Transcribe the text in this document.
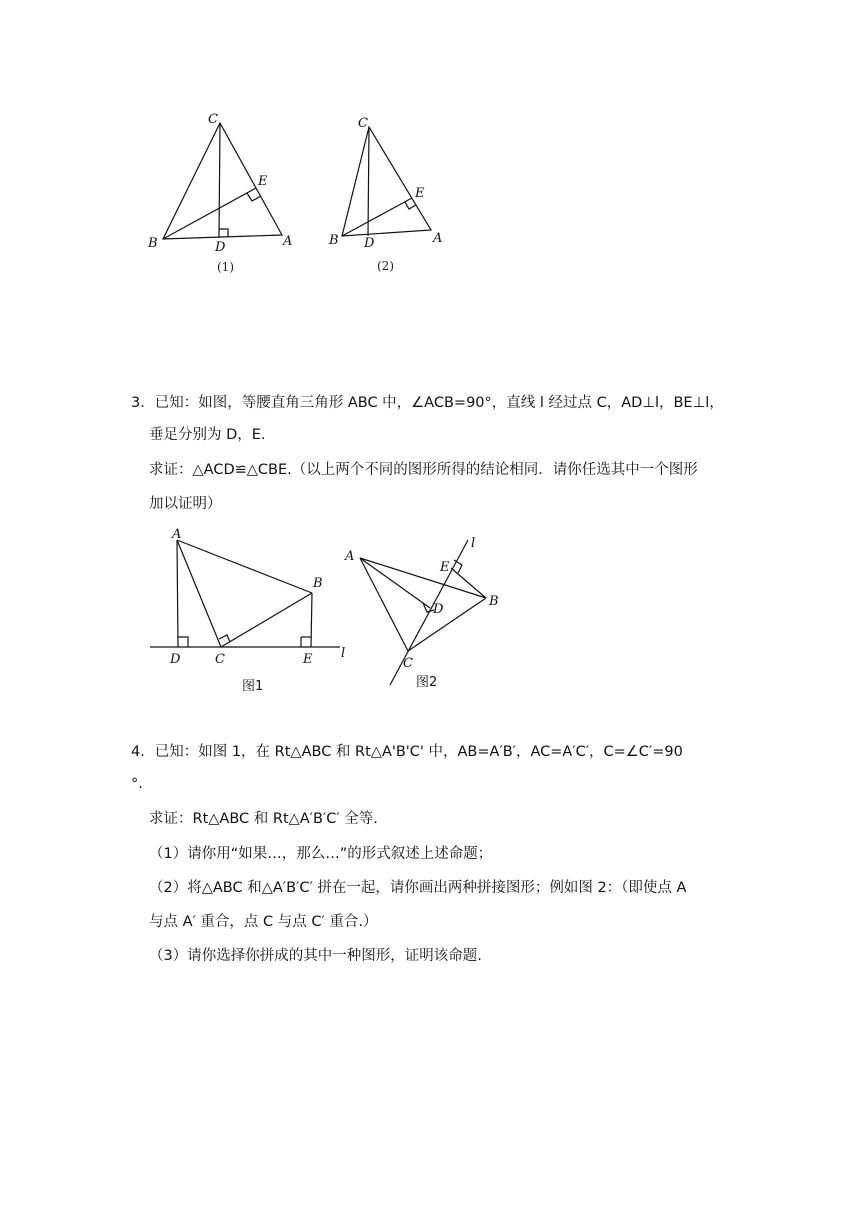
C
E
B	D	A
(1)
C
E
B D	A
(2)
3．已知：如图，等腰直角三角形 ABC 中，∠ACB=90°，直线 l 经过点 C，AD⊥l，BE⊥l，
垂足分别为 D，E.
求证：△ACD≌△CBE.（以上两个不同的图形所得的结论相同．请你任选其中一个图形
加以证明）
A
B
D	C	E l
图1
A
E
D
B
C
l
图2
4．已知：如图 1，在 Rt△ABC 和 Rt△A'B'C' 中，AB=A′B′，AC=A′C′，C=∠C′=90
°.
求证：Rt△ABC 和 Rt△A′B′C′ 全等.
（1）请你用“如果…，那么…”的形式叙述上述命题；
（2）将△ABC 和△A′B′C′ 拼在一起，请你画出两种拼接图形；例如图 2：（即使点 A
与点 A′ 重合，点 C 与点 C′ 重合.）
（3）请你选择你拼成的其中一种图形，证明该命题.
